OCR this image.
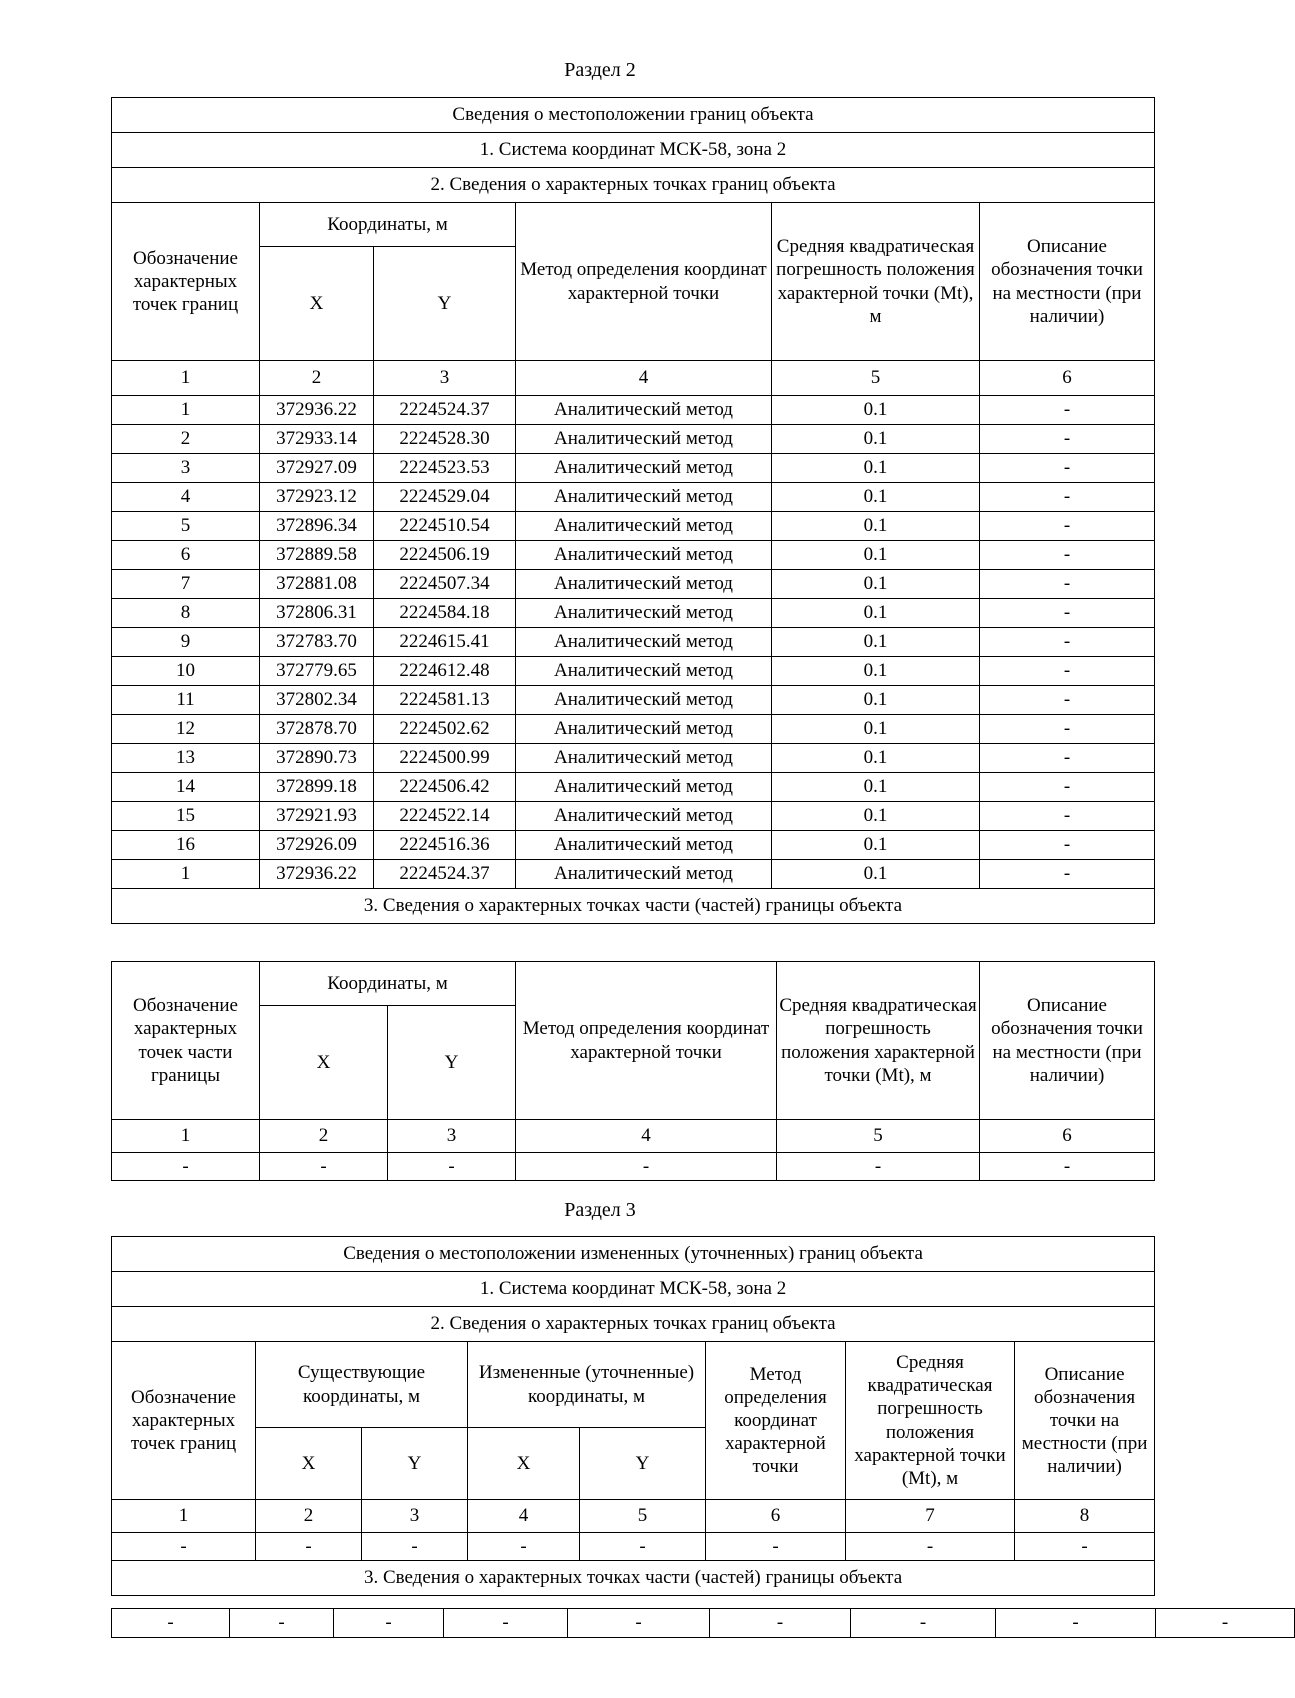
Раздел 2
Сведения о местоположении границ объекта					
1. Система координат МСК-58, зона 2					
2. Сведения о характерных точках границ объекта					
Обозначение характерных точек границ	Координаты, м		Метод определения координат характерной точки	Средняя квадратическая погрешность положения характерной точки (Mt), м	Описание обозначения точки на местности (при наличии)
	X	Y			
1	2	3	4	5	6
1	372936.22	2224524.37	Аналитический метод	0.1	-
2	372933.14	2224528.30	Аналитический метод	0.1	-
3	372927.09	2224523.53	Аналитический метод	0.1	-
4	372923.12	2224529.04	Аналитический метод	0.1	-
5	372896.34	2224510.54	Аналитический метод	0.1	-
6	372889.58	2224506.19	Аналитический метод	0.1	-
7	372881.08	2224507.34	Аналитический метод	0.1	-
8	372806.31	2224584.18	Аналитический метод	0.1	-
9	372783.70	2224615.41	Аналитический метод	0.1	-
10	372779.65	2224612.48	Аналитический метод	0.1	-
11	372802.34	2224581.13	Аналитический метод	0.1	-
12	372878.70	2224502.62	Аналитический метод	0.1	-
13	372890.73	2224500.99	Аналитический метод	0.1	-
14	372899.18	2224506.42	Аналитический метод	0.1	-
15	372921.93	2224522.14	Аналитический метод	0.1	-
16	372926.09	2224516.36	Аналитический метод	0.1	-
1	372936.22	2224524.37	Аналитический метод	0.1	-
3. Сведения о характерных точках части (частей) границы объекта					
Обозначение характерных точек части границы	Координаты, м		Метод определения координат характерной точки	Средняя квадратическая погрешность положения характерной точки (Mt), м	Описание обозначения точки на местности (при наличии)
	X	Y			
1	2	3	4	5	6
-	-	-	-	-	-
Раздел 3
Сведения о местоположении измененных (уточненных) границ объекта							
1. Система координат МСК-58, зона 2							
2. Сведения о характерных точках границ объекта							
Обозначение характерных точек границ	Существующие координаты, м		Измененные (уточненные) координаты, м		Метод определения координат характерной точки	Средняя квадратическая погрешность положения характерной точки (Mt), м	Описание обозначения точки на местности (при наличии)
	X	Y	X	Y			
1	2	3	4	5	6	7	8
-	-	-	-	-	-	-	-
3. Сведения о характерных точках части (частей) границы объекта							
-	-	-	-	-	-	-	-	-
